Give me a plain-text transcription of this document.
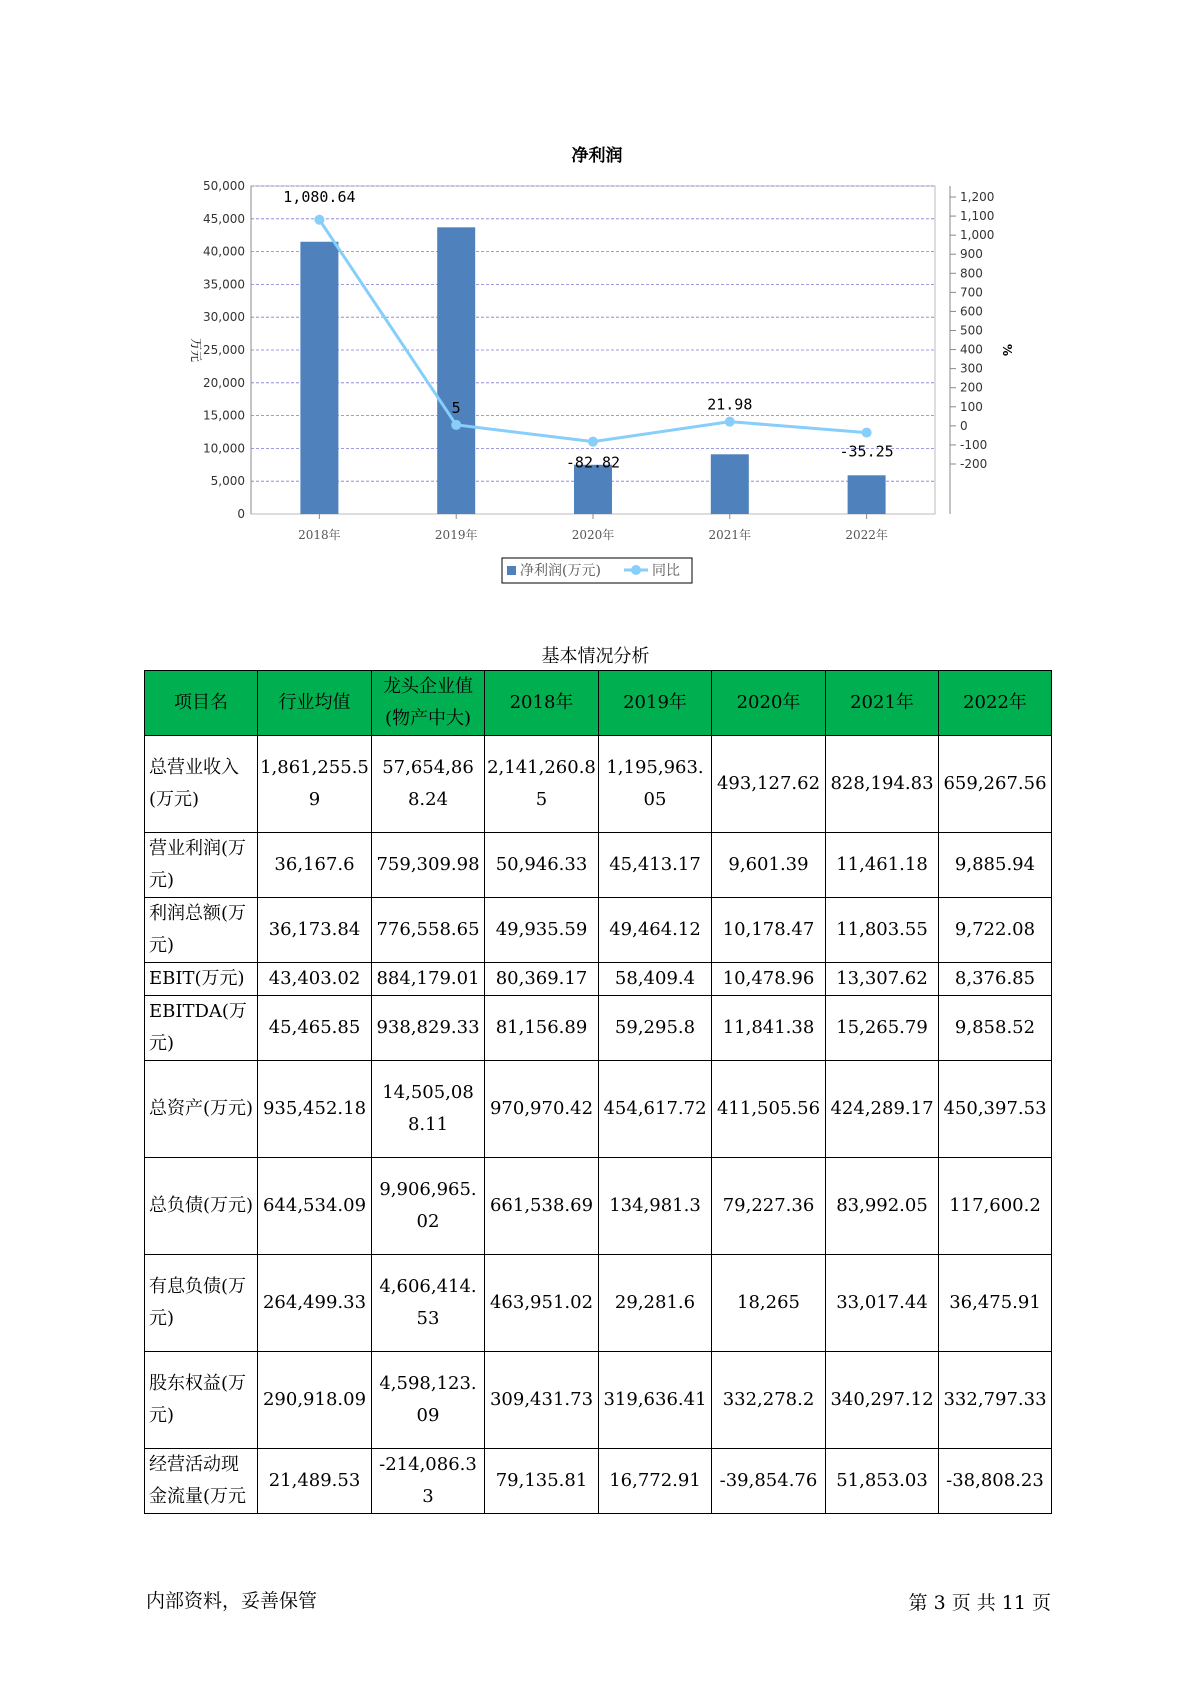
净利润
0
5,000
10,000
15,000
20,000
25,000
30,000
35,000
40,000
45,000
50,000
-200
-100
0
100
200
300
400
500
600
700
800
900
1,000
1,100
1,200
1,080.64
5
-82.82
21.98
-35.25
2018年	2019年	2020年	2021年	2022年
万元	%
净利润(万元)	同比
基本情况分析
项目名	行业均值	龙头企业值(物产中大)	2018年	2019年	2020年	2021年	2022年
总营业收入(万元)	1,861,255.59	57,654,868.24	2,141,260.85	1,195,963.05	493,127.62	828,194.83	659,267.56
营业利润(万元)	36,167.6	759,309.98	50,946.33	45,413.17	9,601.39	11,461.18	9,885.94
利润总额(万元)	36,173.84	776,558.65	49,935.59	49,464.12	10,178.47	11,803.55	9,722.08
EBIT(万元)	43,403.02	884,179.01	80,369.17	58,409.4	10,478.96	13,307.62	8,376.85
EBITDA(万元)	45,465.85	938,829.33	81,156.89	59,295.8	11,841.38	15,265.79	9,858.52
总资产(万元)	935,452.18	14,505,088.11	970,970.42	454,617.72	411,505.56	424,289.17	450,397.53
总负债(万元)	644,534.09	9,906,965.02	661,538.69	134,981.3	79,227.36	83,992.05	117,600.2
有息负债(万元)	264,499.33	4,606,414.53	463,951.02	29,281.6	18,265	33,017.44	36,475.91
股东权益(万元)	290,918.09	4,598,123.09	309,431.73	319,636.41	332,278.2	340,297.12	332,797.33
经营活动现金流量(万元	21,489.53	-214,086.33	79,135.81	16,772.91	-39,854.76	51,853.03	-38,808.23
内部资料，妥善保管	第 3 页 共 11 页
